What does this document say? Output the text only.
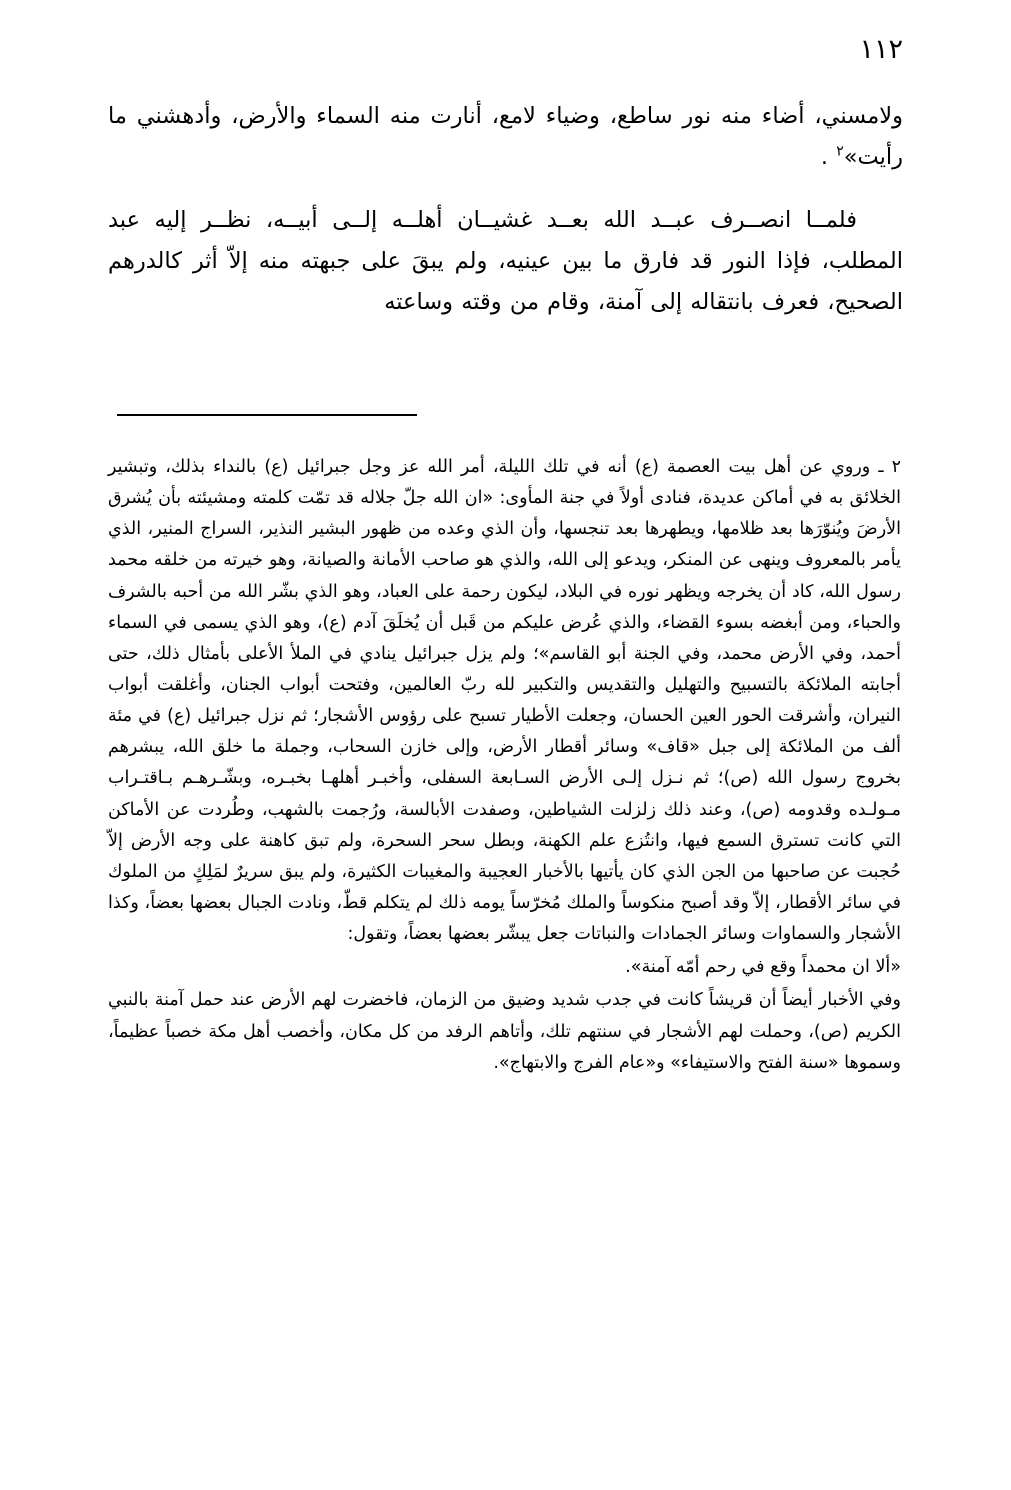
١١٢

ولامسني، أضاء منه نور ساطع، وضياء لامع، أنارت منه السماء والأرض، وأدهشني ما رأيت»$^٢$ .

فلمــا انصــرف عبــد الله بعــد غشيــان أهلــه إلــى أبيــه، نظــر إليه عبد المطلب، فإذا النور قد فارق ما بين عينيه، ولم يبقَ على جبهته منه إلاّ أثر كالدرهم الصحيح، فعرف بانتقاله إلى آمنة، وقام من وقته وساعته

٢ ـ وروي عن أهل بيت العصمة (ع) أنه في تلك الليلة، أمر الله عز وجل جبرائيل (ع) بالنداء بذلك، وتبشير الخلائق به في أماكن عديدة، فنادى أولاً في جنة المأوى: «ان الله جلّ جلاله قد تمّت كلمته ومشيئته بأن يُشرق الأرضَ ويُنوّرَها بعد ظلامها، ويطهرها بعد تنجسها، وأن الذي وعده من ظهور البشير النذير، السراج المنير، الذي يأمر بالمعروف وينهى عن المنكر، ويدعو إلى الله، والذي هو صاحب الأمانة والصيانة، وهو خيرته من خلقه محمد رسول الله، كاد أن يخرجه ويظهر نوره في البلاد، ليكون رحمة على العباد، وهو الذي بشّر الله من أحبه بالشرف والحباء، ومن أبغضه بسوء القضاء، والذي عُرض عليكم من قَبل أن يُخلَقَ آدم (ع)، وهو الذي يسمى في السماء أحمد، وفي الأرض محمد، وفي الجنة أبو القاسم»؛ ولم يزل جبرائيل ينادي في الملأ الأعلى بأمثال ذلك، حتى أجابته الملائكة بالتسبيح والتهليل والتقديس والتكبير لله ربّ العالمين، وفتحت أبواب الجنان، وأغلقت أبواب النيران، وأشرقت الحور العين الحسان، وجعلت الأطيار تسبح على رؤوس الأشجار؛ ثم نزل جبرائيل (ع) في مئة ألف من الملائكة إلى جبل «قاف» وسائر أقطار الأرض، وإلى خازن السحاب، وجملة ما خلق الله، يبشرهم بخروج رسول الله (ص)؛ ثم نـزل إلـى الأرض السـابعة السفلى، وأخبـر أهلهـا بخبـره، وبشّـرهـم بـاقتـراب مـولـده وقدومه (ص)، وعند ذلك زلزلت الشياطين، وصفدت الأبالسة، ورُجمت بالشهب، وطُردت عن الأماكن التي كانت تسترق السمع فيها، وانتُزع علم الكهنة، وبطل سحر السحرة، ولم تبق كاهنة على وجه الأرض إلاّ حُجبت عن صاحبها من الجن الذي كان يأتيها بالأخبار العجيبة والمغيبات الكثيرة، ولم يبق سريرٌ لمَلِكٍ من الملوك في سائر الأقطار، إلاّ وقد أصبح منكوساً والملك مُخرّساً يومه ذلك لم يتكلم قطّ، ونادت الجبال بعضها بعضاً، وكذا الأشجار والسماوات وسائر الجمادات والنباتات جعل يبشّر بعضها بعضاً، وتقول:
«ألا ان محمداً وقع في رحم أمّه آمنة».
وفي الأخبار أيضاً أن قريشاً كانت في جدب شديد وضيق من الزمان، فاخضرت لهم الأرض عند حمل آمنة بالنبي الكريم (ص)، وحملت لهم الأشجار في سنتهم تلك، وأتاهم الرفد من كل مكان، وأخصب أهل مكة خصباً عظيماً، وسموها «سنة الفتح والاستيفاء» و«عام الفرج والابتهاج».
